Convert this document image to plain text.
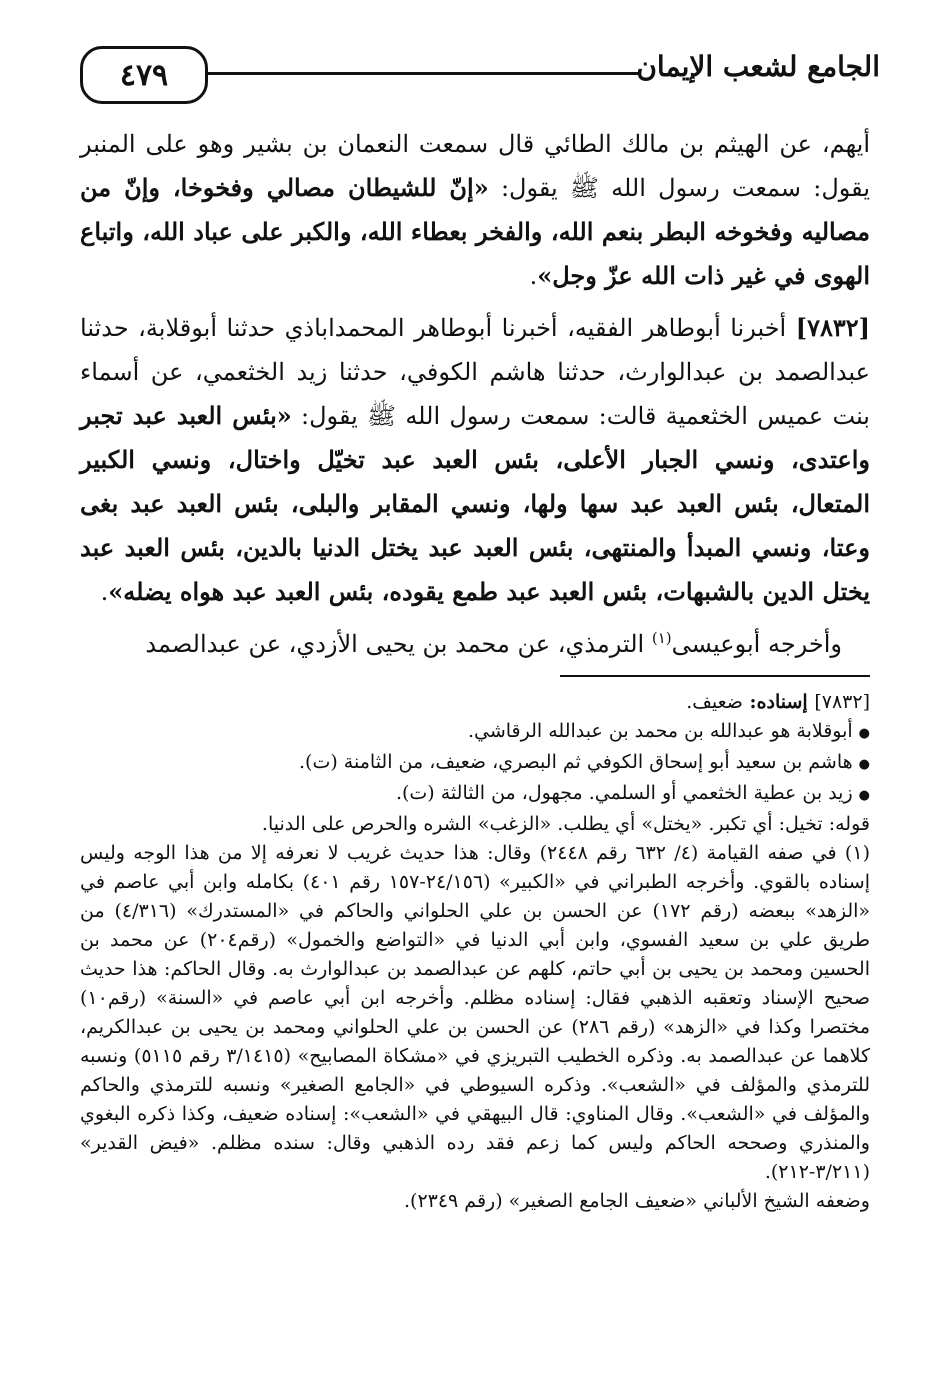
٤٧٩	الجامع لشعب الإيمان

أيهم، عن الهيثم بن مالك الطائي قال سمعت النعمان بن بشير وهو على المنبر يقول: سمعت رسول الله ﷺ يقول: «إنّ للشيطان مصالي وفخوخا، وإنّ من مصاليه وفخوخه البطر بنعم الله، والفخر بعطاء الله، والكبر على عباد الله، واتباع الهوى في غير ذات الله عزّ وجل».

[٧٨٣٢] أخبرنا أبوطاهر الفقيه، أخبرنا أبوطاهر المحمداباذي حدثنا أبوقلابة، حدثنا عبدالصمد بن عبدالوارث، حدثنا هاشم الكوفي، حدثنا زيد الخثعمي، عن أسماء بنت عميس الخثعمية قالت: سمعت رسول الله ﷺ يقول: «بئس العبد عبد تجبر واعتدى، ونسي الجبار الأعلى، بئس العبد عبد تخيّل واختال، ونسي الكبير المتعال، بئس العبد عبد سها ولها، ونسي المقابر والبلى، بئس العبد عبد بغى وعتا، ونسي المبدأ والمنتهى، بئس العبد عبد يختل الدنيا بالدين، بئس العبد عبد يختل الدين بالشبهات، بئس العبد عبد طمع يقوده، بئس العبد عبد هواه يضله».

وأخرجه أبوعيسى$^{(١)}$ الترمذي، عن محمد بن يحيى الأزدي، عن عبدالصمد

[٧٨٣٢] إسناده: ضعيف.

● أبوقلابة هو عبدالله بن محمد بن عبدالله الرقاشي.

● هاشم بن سعيد أبو إسحاق الكوفي ثم البصري، ضعيف، من الثامنة (ت).

● زيد بن عطية الخثعمي أو السلمي. مجهول، من الثالثة (ت).

قوله: تخيل: أي تكبر. «يختل» أي يطلب. «الزغب» الشره والحرص على الدنيا.

(١) في صفه القيامة (٤/ ٦٣٢ رقم ٢٤٤٨) وقال: هذا حديث غريب لا نعرفه إلا من هذا الوجه وليس إسناده بالقوي. وأخرجه الطبراني في «الكبير» (٢٤/١٥٦-١٥٧ رقم ٤٠١) بكامله وابن أبي عاصم في «الزهد» ببعضه (رقم ١٧٢) عن الحسن بن علي الحلواني والحاكم في «المستدرك» (٤/٣١٦) من طريق علي بن سعيد الفسوي، وابن أبي الدنيا في «التواضع والخمول» (رقم٢٠٤) عن محمد بن الحسين ومحمد بن يحيى بن أبي حاتم، كلهم عن عبدالصمد بن عبدالوارث به. وقال الحاكم: هذا حديث صحيح الإسناد وتعقبه الذهبي فقال: إسناده مظلم. وأخرجه ابن أبي عاصم في «السنة» (رقم١٠) مختصرا وكذا في «الزهد» (رقم ٢٨٦) عن الحسن بن علي الحلواني ومحمد بن يحيى بن عبدالكريم، كلاهما عن عبدالصمد به. وذكره الخطيب التبريزي في «مشكاة المصابيح» (٣/١٤١٥ رقم ٥١١٥) ونسبه للترمذي والمؤلف في «الشعب». وذكره السيوطي في «الجامع الصغير» ونسبه للترمذي والحاكم والمؤلف في «الشعب». وقال المناوي: قال البيهقي في «الشعب»: إسناده ضعيف، وكذا ذكره البغوي والمنذري وصححه الحاكم وليس كما زعم فقد رده الذهبي وقال: سنده مظلم. «فيض القدير» (٣/٢١١-٢١٢).

وضعفه الشيخ الألباني «ضعيف الجامع الصغير» (رقم ٢٣٤٩).
